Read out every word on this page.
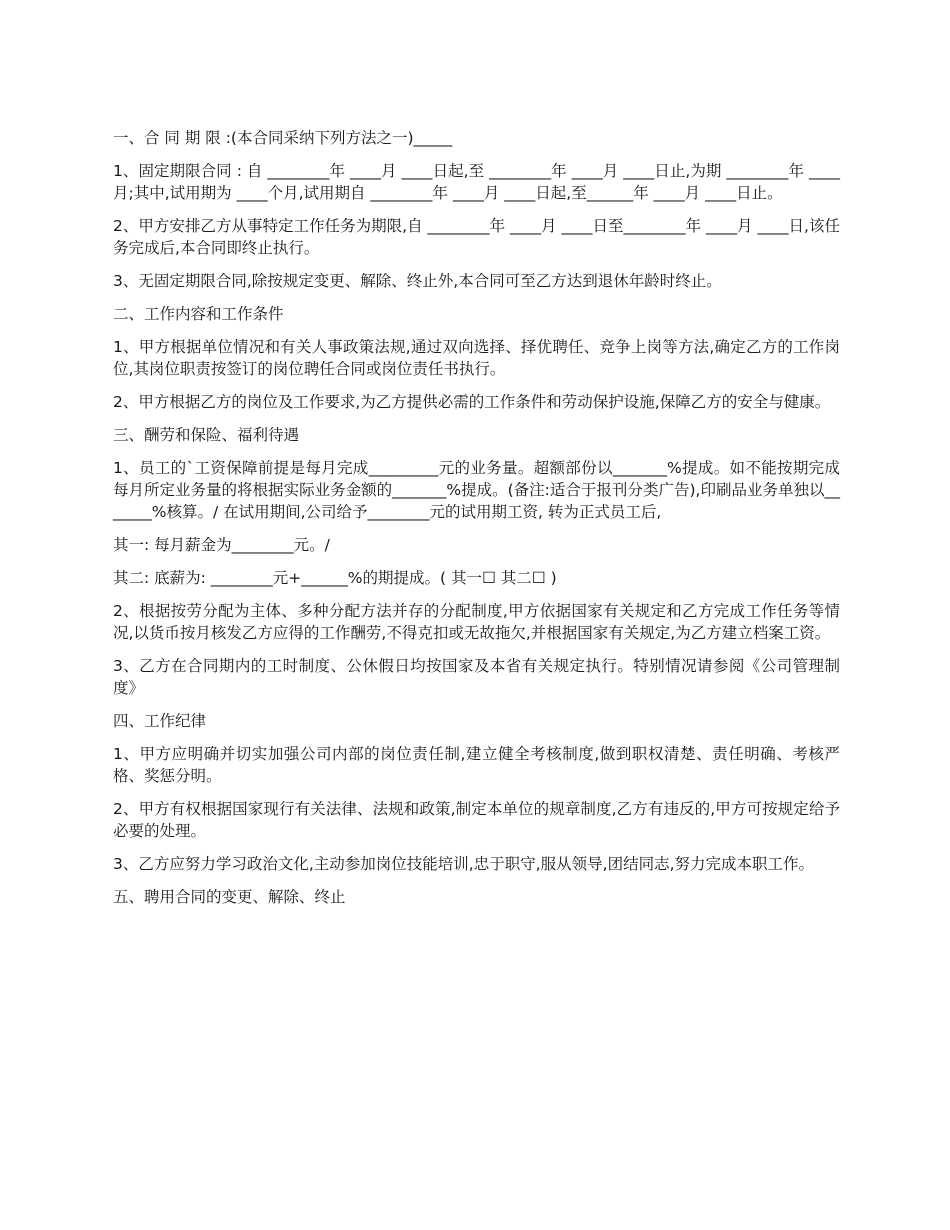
一、合 同 期 限 :(本合同采纳下列方法之一)_____

1、固定期限合同 : 自 ________年 ____月 ____日起,至 ________年 ____月 ____日止,为期 ________年 ____月;其中,试用期为 ____个月,试用期自 ________年 ____月 ____日起,至______年 ____月 ____日止。

2、甲方安排乙方从事特定工作任务为期限,自 ________年 ____月 ____日至________年 ____月 ____日,该任务完成后,本合同即终止执行。

3、无固定期限合同,除按规定变更、解除、终止外,本合同可至乙方达到退休年龄时终止。

二、工作内容和工作条件

1、甲方根据单位情况和有关人事政策法规,通过双向选择、择优聘任、竞争上岗等方法,确定乙方的工作岗位,其岗位职责按签订的岗位聘任合同或岗位责任书执行。

2、甲方根据乙方的岗位及工作要求,为乙方提供必需的工作条件和劳动保护设施,保障乙方的安全与健康。

三、酬劳和保险、福利待遇

1、员工的`工资保障前提是每月完成_________元的业务量。超额部份以_______%提成。如不能按期完成每月所定业务量的将根据实际业务金额的_______%提成。(备注:适合于报刊分类广告),印刷品业务单独以_______%核算。/ 在试用期间,公司给予________元的试用期工资, 转为正式员工后,

其一: 每月薪金为________元。/

其二: 底薪为: ________元+______%的期提成。( 其一☐ 其二☐ )

2、根据按劳分配为主体、多种分配方法并存的分配制度,甲方依据国家有关规定和乙方完成工作任务等情况,以货币按月核发乙方应得的工作酬劳,不得克扣或无故拖欠,并根据国家有关规定,为乙方建立档案工资。

3、乙方在合同期内的工时制度、公休假日均按国家及本省有关规定执行。特别情况请参阅《公司管理制度》

四、工作纪律

1、甲方应明确并切实加强公司内部的岗位责任制,建立健全考核制度,做到职权清楚、责任明确、考核严格、奖惩分明。

2、甲方有权根据国家现行有关法律、法规和政策,制定本单位的规章制度,乙方有违反的,甲方可按规定给予必要的处理。

3、乙方应努力学习政治文化,主动参加岗位技能培训,忠于职守,服从领导,团结同志,努力完成本职工作。

五、聘用合同的变更、解除、终止
